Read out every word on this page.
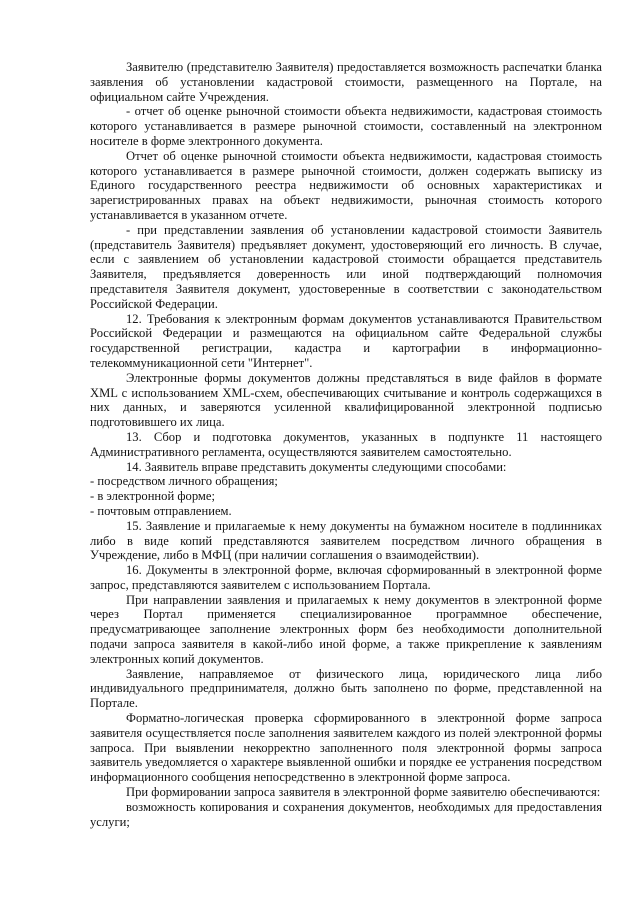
Заявителю (представителю Заявителя) предоставляется возможность распечатки бланка заявления об установлении кадастровой стоимости, размещенного на Портале, на официальном сайте Учреждения.

- отчет об оценке рыночной стоимости объекта недвижимости, кадастровая стоимость которого устанавливается в размере рыночной стоимости, составленный на электронном носителе в форме электронного документа.

Отчет об оценке рыночной стоимости объекта недвижимости, кадастровая стоимость которого устанавливается в размере рыночной стоимости, должен содержать выписку из Единого государственного реестра недвижимости об основных характеристиках и зарегистрированных правах на объект недвижимости, рыночная стоимость которого устанавливается в указанном отчете.

- при представлении заявления об установлении кадастровой стоимости Заявитель (представитель Заявителя) предъявляет документ, удостоверяющий его личность. В случае, если с заявлением об установлении кадастровой стоимости обращается представитель Заявителя, предъявляется доверенность или иной подтверждающий полномочия представителя Заявителя документ, удостоверенные в соответствии с законодательством Российской Федерации.

12. Требования к электронным формам документов устанавливаются Правительством Российской Федерации и размещаются на официальном сайте Федеральной службы государственной регистрации, кадастра и картографии в информационно-телекоммуникационной сети "Интернет".

Электронные формы документов должны представляться в виде файлов в формате XML с использованием XML-схем, обеспечивающих считывание и контроль содержащихся в них данных, и заверяются усиленной квалифицированной электронной подписью подготовившего их лица.

13. Сбор и подготовка документов, указанных в подпункте 11 настоящего Административного регламента, осуществляются заявителем самостоятельно.

14. Заявитель вправе представить документы следующими способами:

- посредством личного обращения;

- в электронной форме;

- почтовым отправлением.

15. Заявление и прилагаемые к нему документы на бумажном носителе в подлинниках либо в виде копий представляются заявителем посредством личного обращения в Учреждение, либо в МФЦ (при наличии соглашения о взаимодействии).

16. Документы в электронной форме, включая сформированный в электронной форме запрос, представляются заявителем с использованием Портала.

При направлении заявления и прилагаемых к нему документов в электронной форме через Портал применяется специализированное программное обеспечение, предусматривающее заполнение электронных форм без необходимости дополнительной подачи запроса заявителя в какой-либо иной форме, а также прикрепление к заявлениям электронных копий документов.

Заявление, направляемое от физического лица, юридического лица либо индивидуального предпринимателя, должно быть заполнено по форме, представленной на Портале.

Форматно-логическая проверка сформированного в электронной форме запроса заявителя осуществляется после заполнения заявителем каждого из полей электронной формы запроса. При выявлении некорректно заполненного поля электронной формы запроса заявитель уведомляется о характере выявленной ошибки и порядке ее устранения посредством информационного сообщения непосредственно в электронной форме запроса.

При формировании запроса заявителя в электронной форме заявителю обеспечиваются:

возможность копирования и сохранения документов, необходимых для предоставления услуги;
